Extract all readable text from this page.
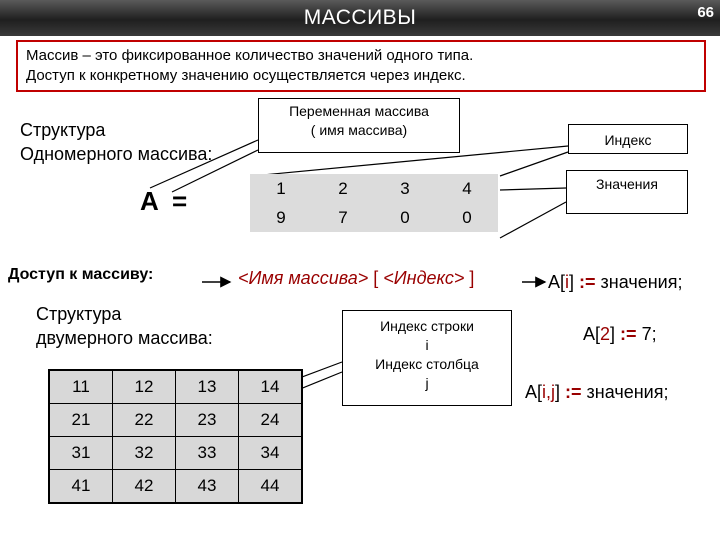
МАССИВЫ	66
Массив – это фиксированное количество значений одного типа.
Доступ к конкретному значению осуществляется через индекс.
Структура
Одномерного массива:
Переменная массива
( имя массива)
Индекс
Значения
А =	1	2	3	4
9	7	0	0
Доступ к массиву:	<Имя массива> [ <Индекс> ]	A[i] := значения;
Структура
двумерного массива:
Индекс строки
i
Индекс столбца
j
A[2] := 7;
A[i,j] := значения;
11	12	13	14
21	22	23	24
31	32	33	34
41	42	43	44
